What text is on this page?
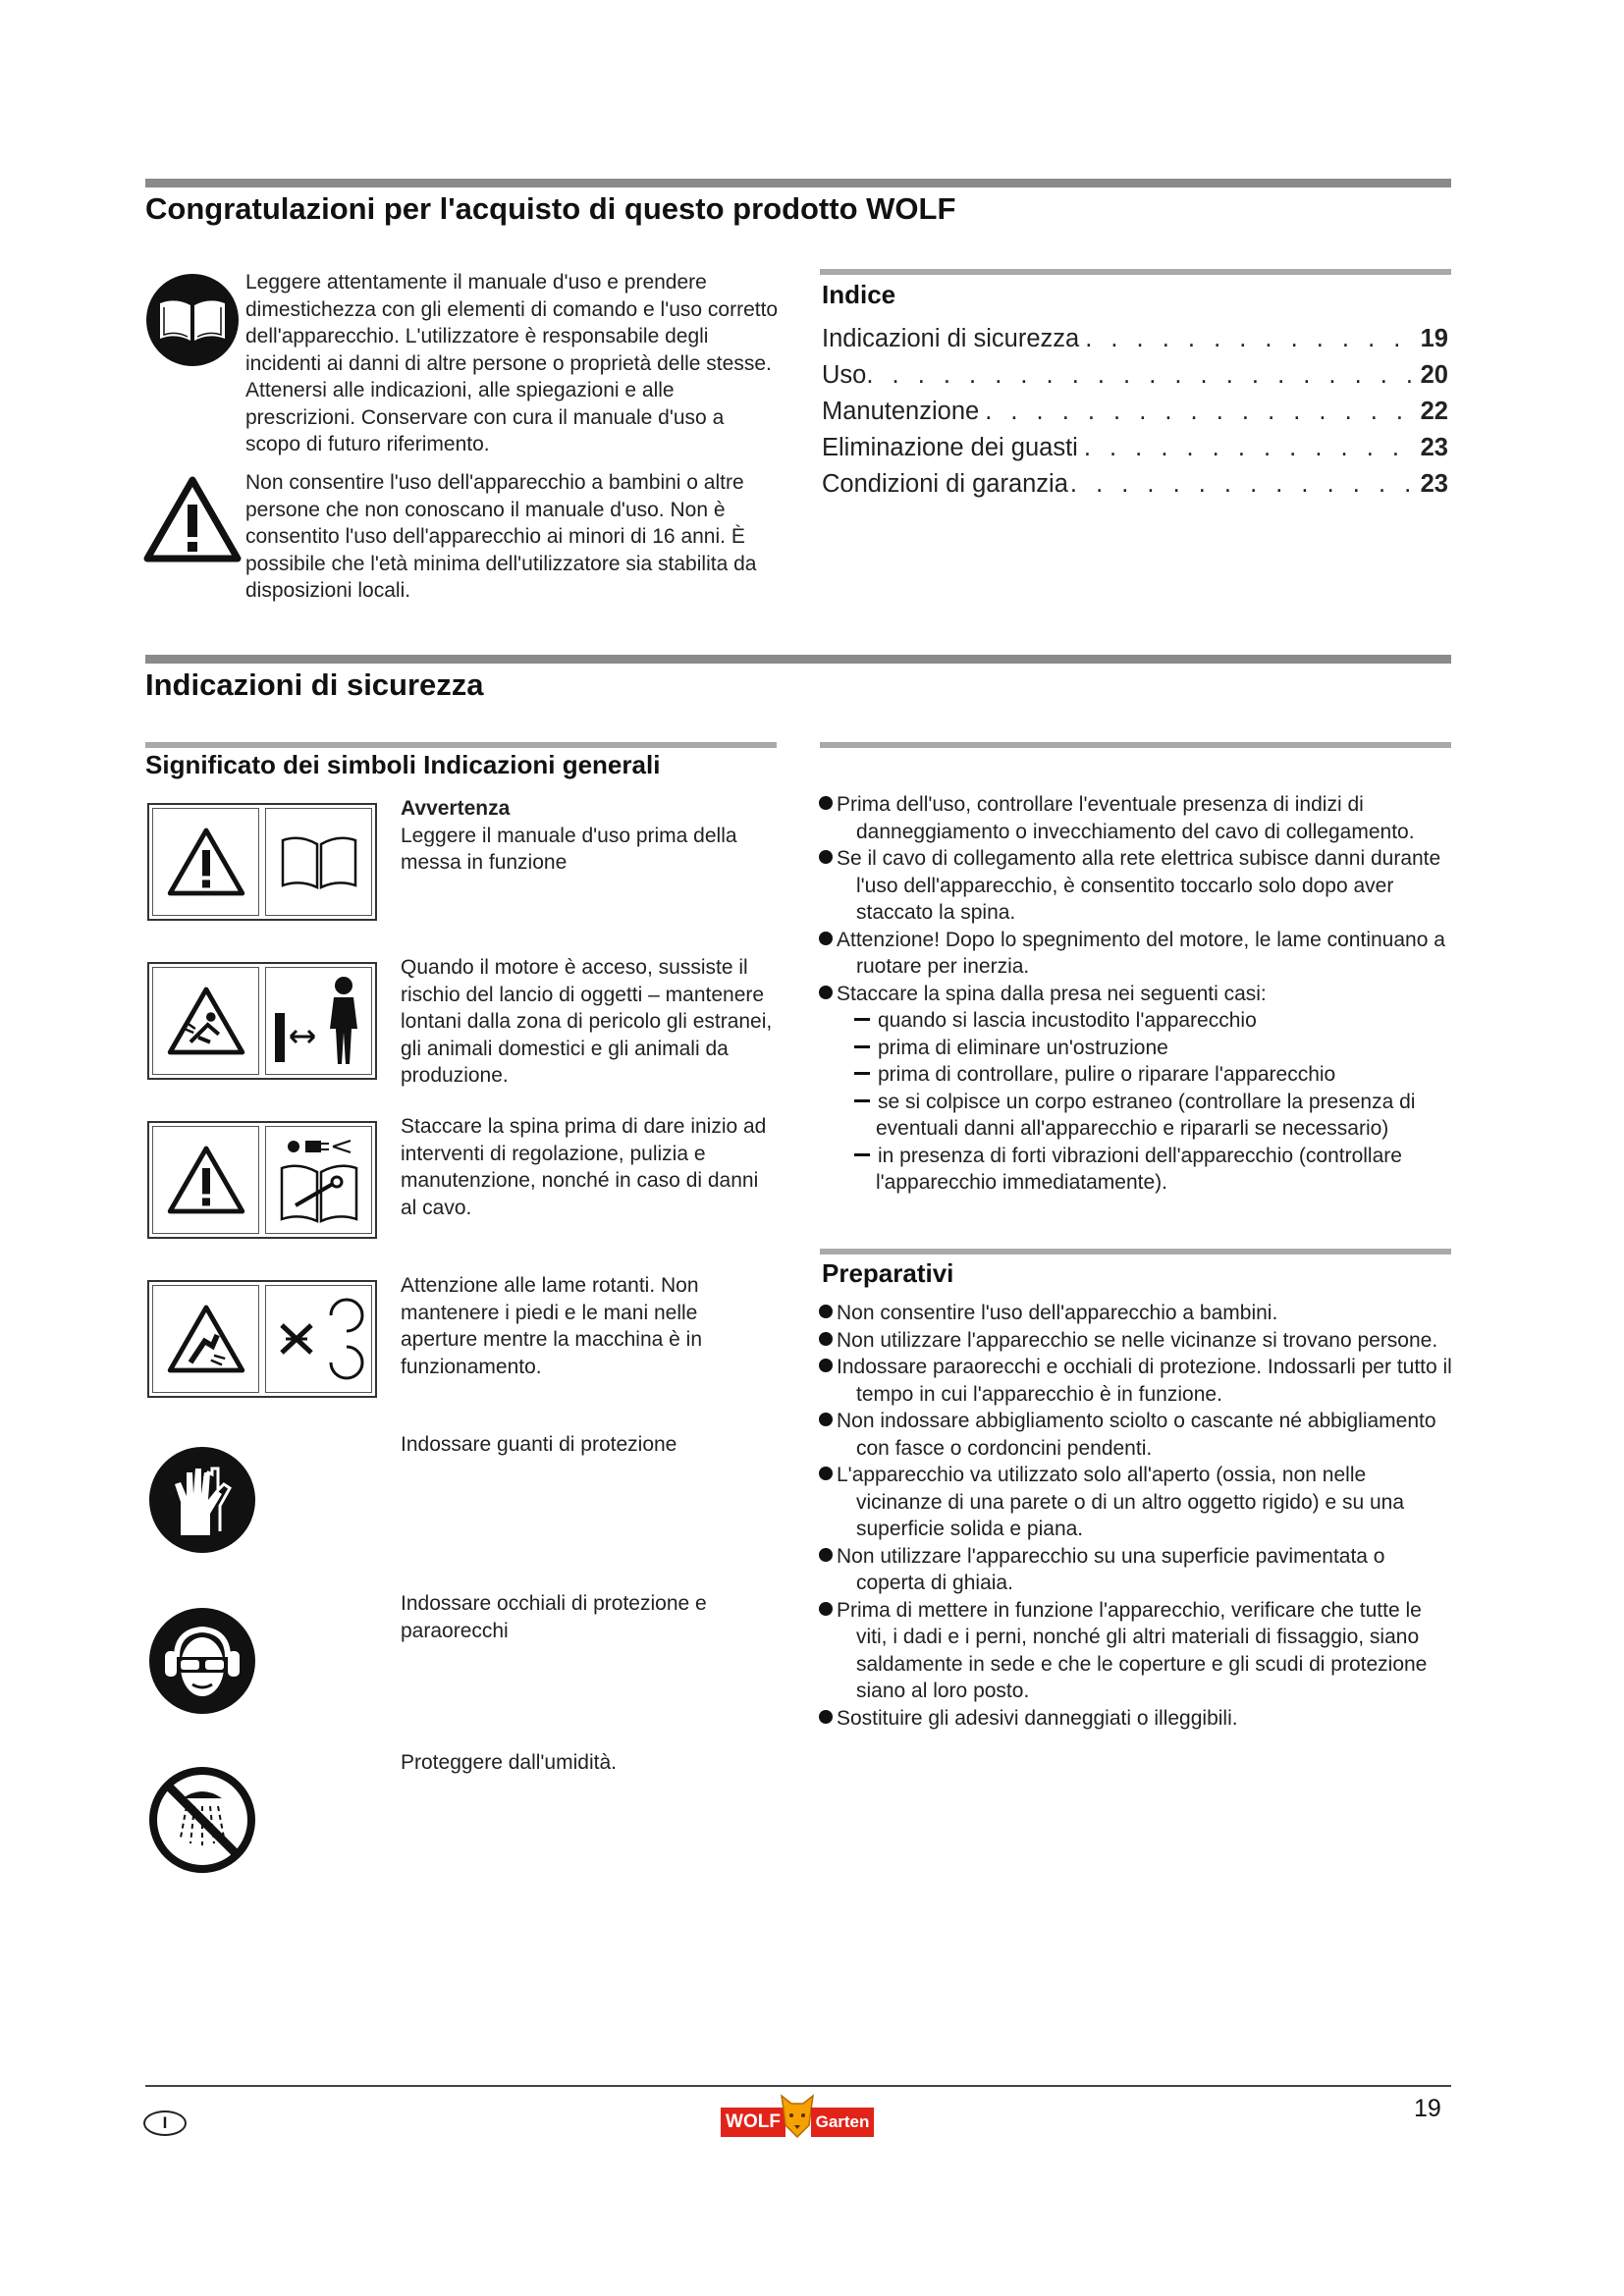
Congratulazioni per l'acquisto di questo prodotto WOLF
Leggere attentamente il manuale d'uso e prendere dimestichezza con gli elementi di comando e l'uso corretto dell'apparecchio. L'utilizzatore è responsabile degli incidenti ai danni di altre persone o proprietà delle stesse. Attenersi alle indicazioni, alle spiegazioni e alle prescrizioni. Conservare con cura il manuale d'uso a scopo di futuro riferimento.
Non consentire l'uso dell'apparecchio a bambini o altre persone che non conoscano il manuale d'uso. Non è consentito l'uso dell'apparecchio ai minori di 16 anni. È possibile che l'età minima dell'utilizzatore sia stabilita da disposizioni locali.
Indice
Indicazioni di sicurezza . . .	19
Uso . . .	20
Manutenzione . . .	22
Eliminazione dei guasti . . .	23
Condizioni di garanzia . . .	23
Indicazioni di sicurezza
Significato dei simboli Indicazioni generali
Avvertenza
Leggere il manuale d'uso prima della messa in funzione
Quando il motore è acceso, sussiste il rischio del lancio di oggetti – mantenere lontani dalla zona di pericolo gli estranei, gli animali domestici e gli animali da produzione.
Staccare la spina prima di dare inizio ad interventi di regolazione, pulizia e manutenzione, nonché in caso di danni al cavo.
Attenzione alle lame rotanti. Non mantenere i piedi e le mani nelle aperture mentre la macchina è in funzionamento.
Indossare guanti di protezione
Indossare occhiali di protezione e paraorecchi
Proteggere dall'umidità.
Prima dell'uso, controllare l'eventuale presenza di indizi di danneggiamento o invecchiamento del cavo di collegamento.
Se il cavo di collegamento alla rete elettrica subisce danni durante l'uso dell'apparecchio, è consentito toccarlo solo dopo aver staccato la spina.
Attenzione! Dopo lo spegnimento del motore, le lame continuano a ruotare per inerzia.
Staccare la spina dalla presa nei seguenti casi:
quando si lascia incustodito l'apparecchio
prima di eliminare un'ostruzione
prima di controllare, pulire o riparare l'apparecchio
se si colpisce un corpo estraneo (controllare la presenza di eventuali danni all'apparecchio e ripararli se necessario)
in presenza di forti vibrazioni dell'apparecchio (controllare l'apparecchio immediatamente).
Preparativi
Non consentire l'uso dell'apparecchio a bambini.
Non utilizzare l'apparecchio se nelle vicinanze si trovano persone.
Indossare paraorecchi e occhiali di protezione. Indossarli per tutto il tempo in cui l'apparecchio è in funzione.
Non indossare abbigliamento sciolto o cascante né abbigliamento con fasce o cordoncini pendenti.
L'apparecchio va utilizzato solo all'aperto (ossia, non nelle vicinanze di una parete o di un altro oggetto rigido) e su una superficie solida e piana.
Non utilizzare l'apparecchio su una superficie pavimentata o coperta di ghiaia.
Prima di mettere in funzione l'apparecchio, verificare che tutte le viti, i dadi e i perni, nonché gli altri materiali di fissaggio, siano saldamente in sede e che le coperture e gli scudi di protezione siano al loro posto.
Sostituire gli adesivi danneggiati o illeggibili.
I	WOLF Garten	19
